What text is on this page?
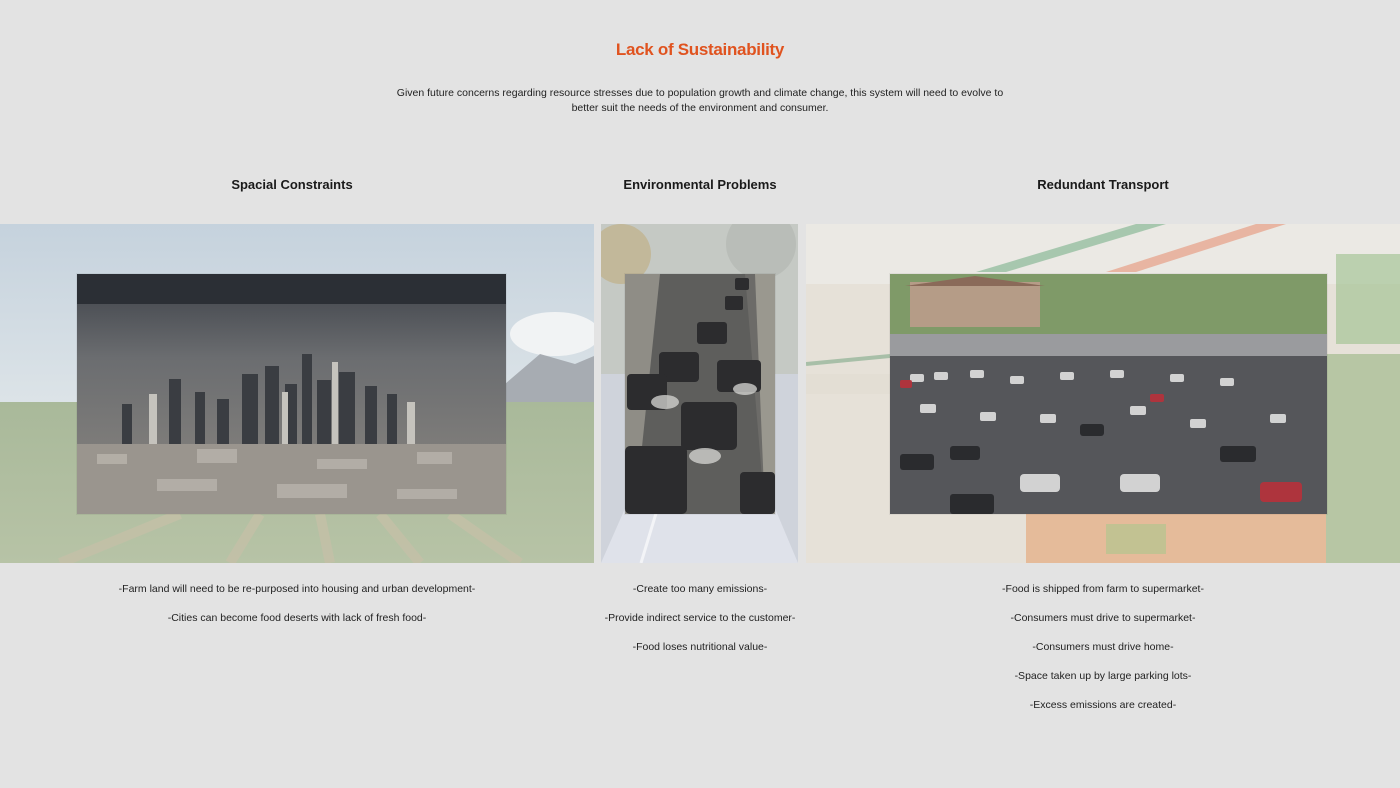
Lack of Sustainability
Given future concerns regarding resource stresses due to population growth and climate change, this system will need to evolve to better suit the needs of the environment and consumer.
Spacial Constraints	Environmental Problems	Redundant Transport
-Farm land will need to be re-purposed into housing and urban development-
-Cities can become food deserts with lack of fresh food-
-Create too many emissions-
-Provide indirect service to the customer-
-Food loses nutritional value-
-Food is shipped from farm to supermarket-
-Consumers must drive to supermarket-
-Consumers must drive home-
-Space taken up by large parking lots-
-Excess emissions are created-
